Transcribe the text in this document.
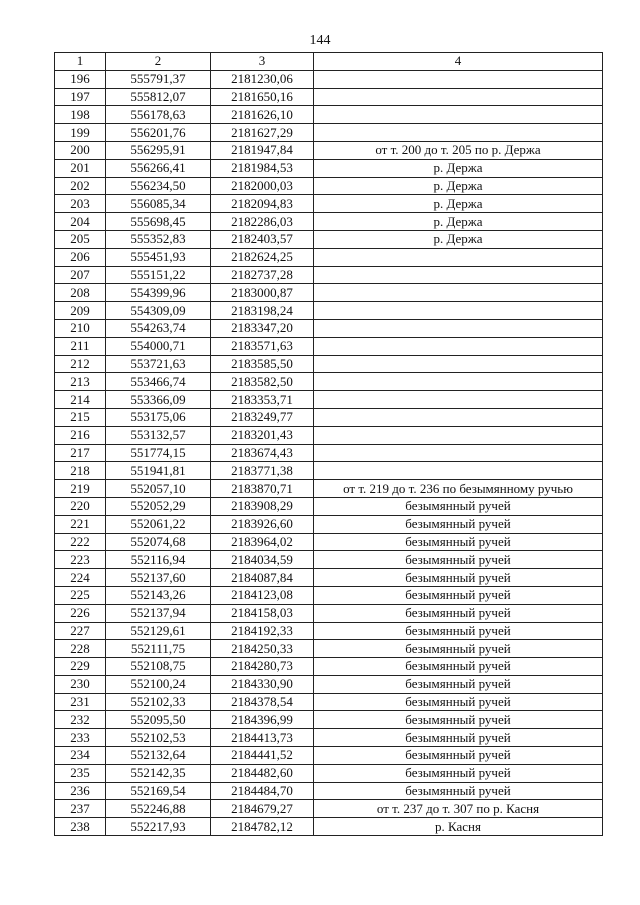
144
1	2	3	4
196	555791,37	2181230,06	
197	555812,07	2181650,16	
198	556178,63	2181626,10	
199	556201,76	2181627,29	
200	556295,91	2181947,84	от т. 200 до т. 205 по р. Держа
201	556266,41	2181984,53	р. Держа
202	556234,50	2182000,03	р. Держа
203	556085,34	2182094,83	р. Держа
204	555698,45	2182286,03	р. Держа
205	555352,83	2182403,57	р. Держа
206	555451,93	2182624,25	
207	555151,22	2182737,28	
208	554399,96	2183000,87	
209	554309,09	2183198,24	
210	554263,74	2183347,20	
211	554000,71	2183571,63	
212	553721,63	2183585,50	
213	553466,74	2183582,50	
214	553366,09	2183353,71	
215	553175,06	2183249,77	
216	553132,57	2183201,43	
217	551774,15	2183674,43	
218	551941,81	2183771,38	
219	552057,10	2183870,71	от т. 219 до т. 236 по безымянному ручью
220	552052,29	2183908,29	безымянный ручей
221	552061,22	2183926,60	безымянный ручей
222	552074,68	2183964,02	безымянный ручей
223	552116,94	2184034,59	безымянный ручей
224	552137,60	2184087,84	безымянный ручей
225	552143,26	2184123,08	безымянный ручей
226	552137,94	2184158,03	безымянный ручей
227	552129,61	2184192,33	безымянный ручей
228	552111,75	2184250,33	безымянный ручей
229	552108,75	2184280,73	безымянный ручей
230	552100,24	2184330,90	безымянный ручей
231	552102,33	2184378,54	безымянный ручей
232	552095,50	2184396,99	безымянный ручей
233	552102,53	2184413,73	безымянный ручей
234	552132,64	2184441,52	безымянный ручей
235	552142,35	2184482,60	безымянный ручей
236	552169,54	2184484,70	безымянный ручей
237	552246,88	2184679,27	от т. 237 до т. 307 по р. Касня
238	552217,93	2184782,12	р. Касня
